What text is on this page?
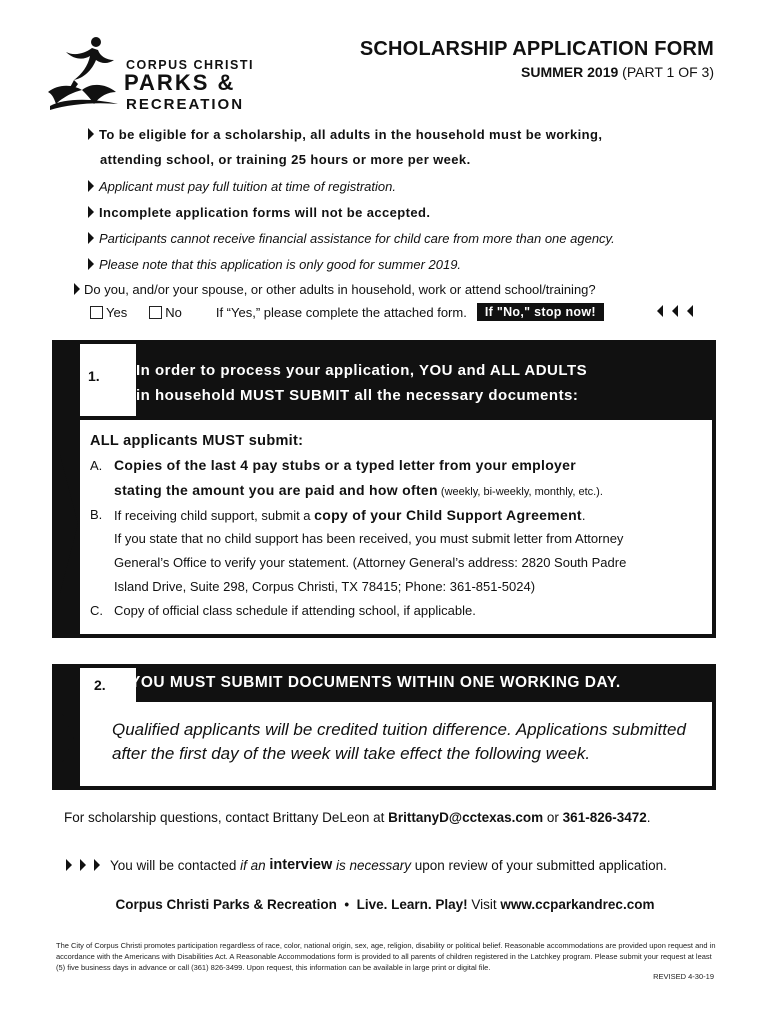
CORPUS CHRISTI
PARKS &
RECREATION
SCHOLARSHIP APPLICATION FORM
SUMMER 2019 (PART 1 OF 3)
To be eligible for a scholarship, all adults in the household must be working,
attending school, or training 25 hours or more per week.
Applicant must pay full tuition at time of registration.
Incomplete application forms will not be accepted.
Participants cannot receive financial assistance for child care from more than one agency.
Please note that this application is only good for summer 2019.
Do you, and/or your spouse, or other adults in household, work or attend school/training?
Yes	No	If “Yes,” please complete the attached form.	If "No," stop now!
1.	In order to process your application, YOU and ALL ADULTS
in household MUST SUBMIT all the necessary documents:
ALL applicants MUST submit:
A. Copies of the last 4 pay stubs or a typed letter from your employer
stating the amount you are paid and how often (weekly, bi-weekly, monthly, etc.).
B. If receiving child support, submit a copy of your Child Support Agreement.
If you state that no child support has been received, you must submit letter from Attorney
General’s Office to verify your statement. (Attorney General’s address: 2820 South Padre
Island Drive, Suite 298, Corpus Christi, TX 78415; Phone: 361-851-5024)
C. Copy of official class schedule if attending school, if applicable.
2.	YOU MUST SUBMIT DOCUMENTS WITHIN ONE WORKING DAY.
Qualified applicants will be credited tuition difference. Applications submitted
after the first day of the week will take effect the following week.
For scholarship questions, contact Brittany DeLeon at BrittanyD@cctexas.com or 361-826-3472.
You will be contacted if an interview is necessary upon review of your submitted application.
Corpus Christi Parks & Recreation  •  Live. Learn. Play! Visit www.ccparkandrec.com
The City of Corpus Christi promotes participation regardless of race, color, national origin, sex, age, religion, disability or political belief. Reasonable accommodations are provided upon request and in accordance with the Americans with Disabilities Act. A Reasonable Accommodations form is provided to all parents of children registered in the Latchkey program. Please submit your request at least (5) five business days in advance or call (361) 826-3499. Upon request, this information can be available in large print or digital file.
REVISED 4-30-19
